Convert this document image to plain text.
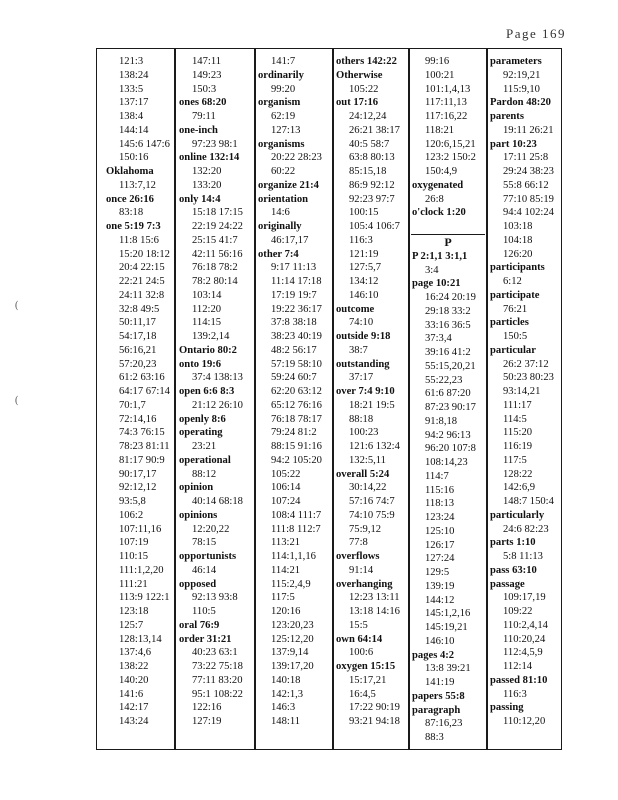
Page 169
(
(
121:3
138:24
133:5
137:17
138:4
144:14
145:6 147:6
150:16
Oklahoma
113:7,12
once 26:16
83:18
one 5:19 7:3
11:8 15:6
15:20 18:12
20:4 22:15
22:21 24:5
24:11 32:8
32:8 49:5
50:11,17
54:17,18
56:16,21
57:20,23
61:2 63:16
64:17 67:14
70:1,7
72:14,16
74:3 76:15
78:23 81:11
81:17 90:9
90:17,17
92:12,12
93:5,8
106:2
107:11,16
107:19
110:15
111:1,2,20
111:21
113:9 122:1
123:18
125:7
128:13,14
137:4,6
138:22
140:20
141:6
142:17
143:24
147:11
149:23
150:3
ones 68:20
79:11
one-inch
97:23 98:1
online 132:14
132:20
133:20
only 14:4
15:18 17:15
22:19 24:22
25:15 41:7
42:11 56:16
76:18 78:2
78:2 80:14
103:14
112:20
114:15
139:2,14
Ontario 80:2
onto 19:6
37:4 138:13
open 6:6 8:3
21:12 26:10
openly 8:6
operating
23:21
operational
88:12
opinion
40:14 68:18
opinions
12:20,22
78:15
opportunists
46:14
opposed
92:13 93:8
110:5
oral 76:9
order 31:21
40:23 63:1
73:22 75:18
77:11 83:20
95:1 108:22
122:16
127:19
141:7
ordinarily
99:20
organism
62:19
127:13
organisms
20:22 28:23
60:22
organize 21:4
orientation
14:6
originally
46:17,17
other 7:4
9:17 11:13
11:14 17:18
17:19 19:7
19:22 36:17
37:8 38:18
38:23 40:19
48:2 56:17
57:19 58:10
59:24 60:7
62:20 63:12
65:12 76:16
76:18 78:17
79:24 81:2
88:15 91:16
94:2 105:20
105:22
106:14
107:24
108:4 111:7
111:8 112:7
113:21
114:1,1,16
114:21
115:2,4,9
117:5
120:16
123:20,23
125:12,20
137:9,14
139:17,20
140:18
142:1,3
146:3
148:11
others 142:22
Otherwise
105:22
out 17:16
24:12,24
26:21 38:17
40:5 58:7
63:8 80:13
85:15,18
86:9 92:12
92:23 97:7
100:15
105:4 106:7
116:3
121:19
127:5,7
134:12
146:10
outcome
74:10
outside 9:18
38:7
outstanding
37:17
over 7:4 9:10
18:21 19:5
88:18
100:23
121:6 132:4
132:5,11
overall 5:24
30:14,22
57:16 74:7
74:10 75:9
75:9,12
77:8
overflows
91:14
overhanging
12:23 13:11
13:18 14:16
15:5
own 64:14
100:6
oxygen 15:15
15:17,21
16:4,5
17:22 90:19
93:21 94:18
99:16
100:21
101:1,4,13
117:11,13
117:16,22
118:21
120:6,15,21
123:2 150:2
150:4,9
oxygenated
26:8
o'clock 1:20

P
P 2:1,1 3:1,1
3:4
page 10:21
16:24 20:19
29:18 33:2
33:16 36:5
37:3,4
39:16 41:2
55:15,20,21
55:22,23
61:6 87:20
87:23 90:17
91:8,18
94:2 96:13
96:20 107:8
108:14,23
114:7
115:16
118:13
123:24
125:10
126:17
127:24
129:5
139:19
144:12
145:1,2,16
145:19,21
146:10
pages 4:2
13:8 39:21
141:19
papers 55:8
paragraph
87:16,23
88:3
parameters
92:19,21
115:9,10
Pardon 48:20
parents
19:11 26:21
part 10:23
17:11 25:8
29:24 38:23
55:8 66:12
77:10 85:19
94:4 102:24
103:18
104:18
126:20
participants
6:12
participate
76:21
particles
150:5
particular
26:2 37:12
50:23 80:23
93:14,21
111:17
114:5
115:20
116:19
117:5
128:22
142:6,9
148:7 150:4
particularly
24:6 82:23
parts 1:10
5:8 11:13
pass 63:10
passage
109:17,19
109:22
110:2,4,14
110:20,24
112:4,5,9
112:14
passed 81:10
116:3
passing
110:12,20
